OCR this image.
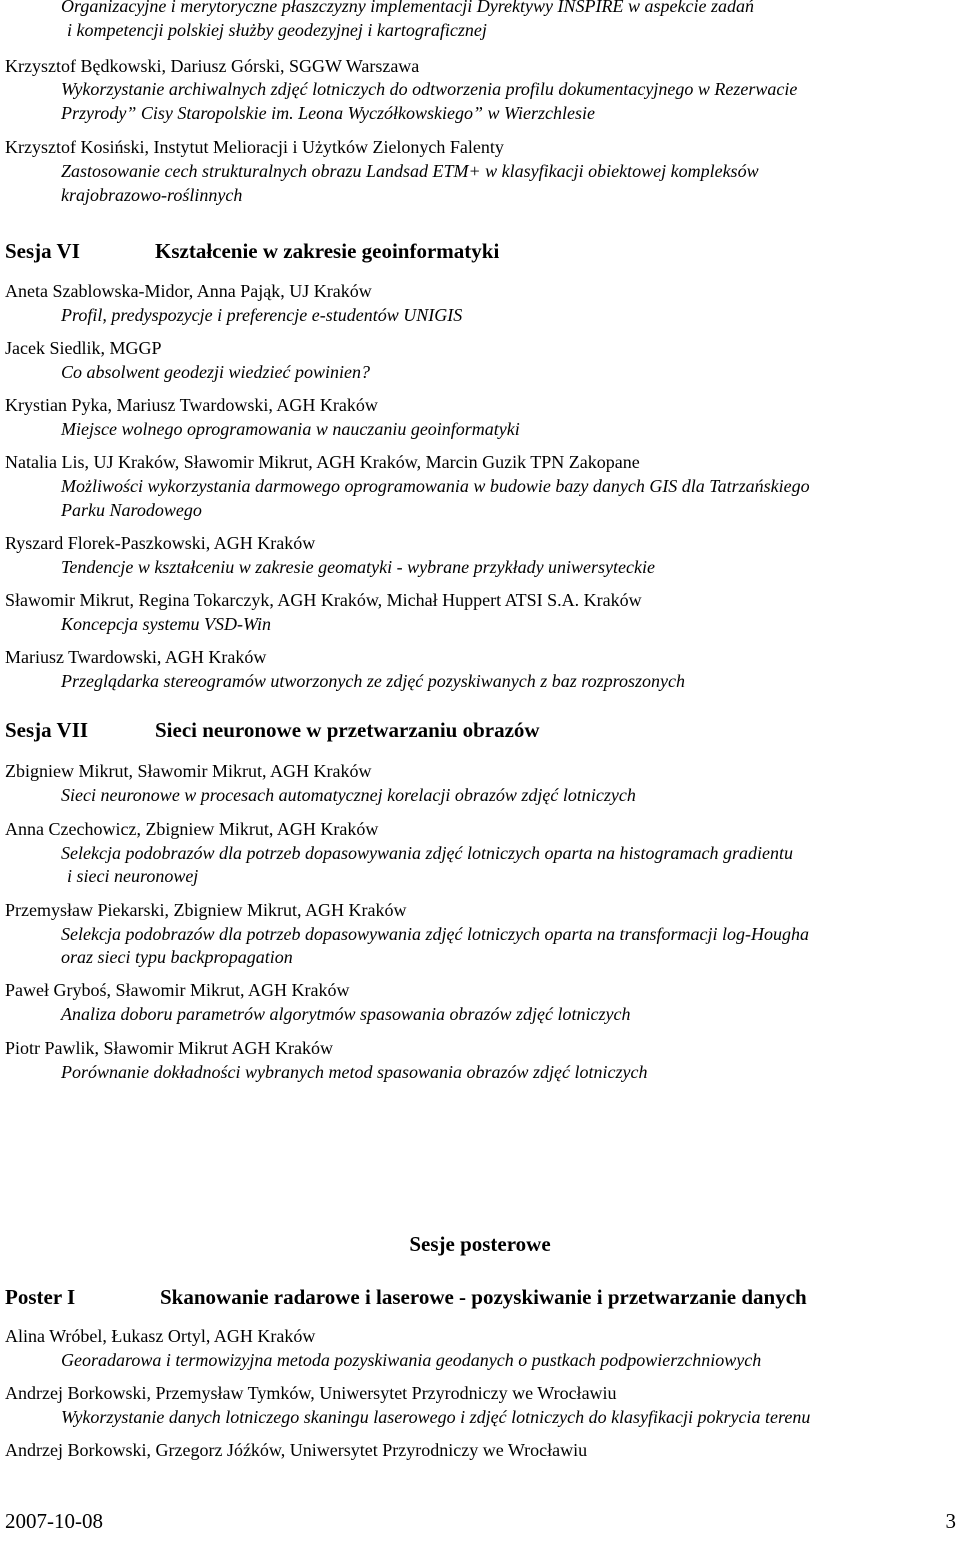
Organizacyjne i merytoryczne płaszczyzny implementacji Dyrektywy INSPIRE w aspekcie zadań
i kompetencji polskiej służby geodezyjnej i kartograficznej
Krzysztof Będkowski, Dariusz Górski, SGGW Warszawa
Wykorzystanie archiwalnych zdjęć lotniczych do odtworzenia profilu dokumentacyjnego w Rezerwacie
Przyrody” Cisy Staropolskie im. Leona Wyczółkowskiego” w Wierzchlesie
Krzysztof Kosiński, Instytut Melioracji i Użytków Zielonych Falenty
Zastosowanie cech strukturalnych obrazu Landsad ETM+ w klasyfikacji obiektowej kompleksów
krajobrazowo-roślinnych
Sesja VI	Kształcenie w zakresie geoinformatyki
Aneta Szablowska-Midor, Anna Pająk, UJ Kraków
Profil, predyspozycje i preferencje e-studentów UNIGIS
Jacek Siedlik, MGGP
Co absolwent geodezji wiedzieć powinien?
Krystian Pyka, Mariusz Twardowski, AGH Kraków
Miejsce wolnego oprogramowania w nauczaniu geoinformatyki
Natalia Lis, UJ Kraków, Sławomir Mikrut, AGH Kraków, Marcin Guzik TPN Zakopane
Możliwości wykorzystania darmowego oprogramowania w budowie bazy danych GIS dla Tatrzańskiego
Parku Narodowego
Ryszard Florek-Paszkowski, AGH Kraków
Tendencje w kształceniu w zakresie geomatyki - wybrane przykłady uniwersyteckie
Sławomir Mikrut, Regina Tokarczyk, AGH Kraków, Michał Huppert ATSI S.A. Kraków
Koncepcja systemu VSD-Win
Mariusz Twardowski, AGH Kraków
Przeglądarka stereogramów utworzonych ze zdjęć pozyskiwanych z baz rozproszonych
Sesja VII	Sieci neuronowe w przetwarzaniu obrazów
Zbigniew Mikrut, Sławomir Mikrut, AGH Kraków
Sieci neuronowe w procesach automatycznej korelacji obrazów zdjęć lotniczych
Anna Czechowicz, Zbigniew Mikrut, AGH Kraków
Selekcja podobrazów dla potrzeb dopasowywania zdjęć lotniczych oparta na histogramach gradientu
i sieci neuronowej
Przemysław Piekarski, Zbigniew Mikrut, AGH Kraków
Selekcja podobrazów dla potrzeb dopasowywania zdjęć lotniczych oparta na transformacji log-Hougha
oraz sieci typu backpropagation
Paweł Gryboś, Sławomir Mikrut, AGH Kraków
Analiza doboru parametrów algorytmów spasowania obrazów zdjęć lotniczych
Piotr Pawlik, Sławomir Mikrut AGH Kraków
Porównanie dokładności wybranych metod spasowania obrazów zdjęć lotniczych
Sesje posterowe
Poster I	Skanowanie radarowe i laserowe - pozyskiwanie i przetwarzanie danych
Alina Wróbel, Łukasz Ortyl, AGH Kraków
Georadarowa i termowizyjna metoda pozyskiwania geodanych o pustkach podpowierzchniowych
Andrzej Borkowski, Przemysław Tymków, Uniwersytet Przyrodniczy we Wrocławiu
Wykorzystanie danych lotniczego skaningu laserowego i zdjęć lotniczych do klasyfikacji pokrycia terenu
Andrzej Borkowski, Grzegorz Jóźków, Uniwersytet Przyrodniczy we Wrocławiu
2007-10-08	3
